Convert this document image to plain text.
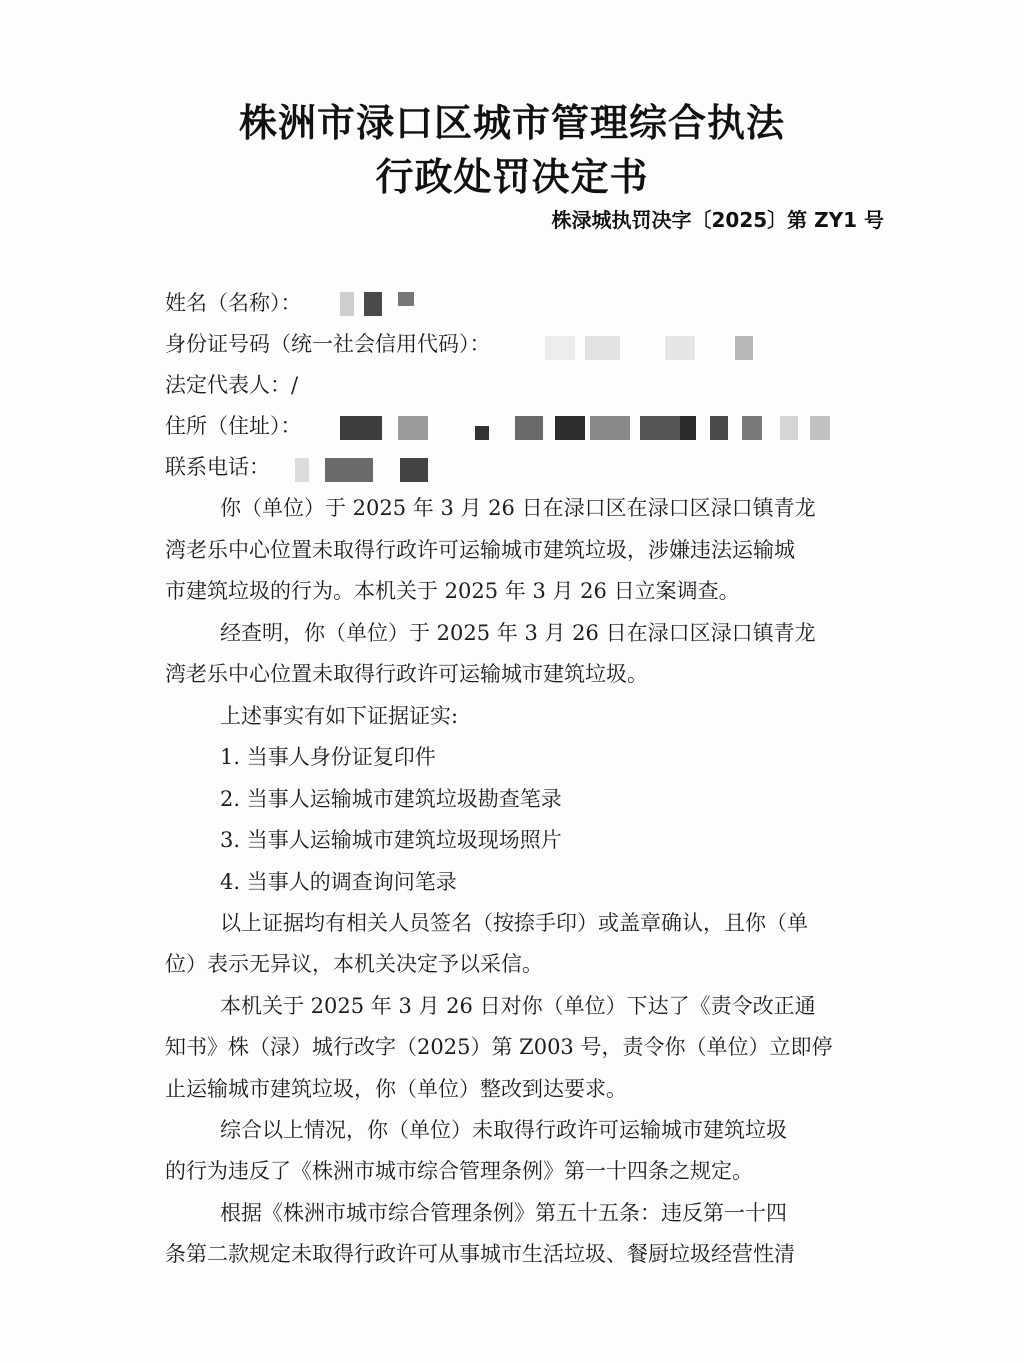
株洲市渌口区城市管理综合执法
行政处罚决定书
株渌城执罚决字〔2025〕第 ZY1 号
姓名（名称）：
身份证号码（统一社会信用代码）：
法定代表人：/
住所（住址）：
联系电话：
你（单位）于 2025 年 3 月 26 日在渌口区在渌口区渌口镇青龙
湾老乐中心位置未取得行政许可运输城市建筑垃圾，涉嫌违法运输城
市建筑垃圾的行为。本机关于 2025 年 3 月 26 日立案调查。
经查明，你（单位）于 2025 年 3 月 26 日在渌口区渌口镇青龙
湾老乐中心位置未取得行政许可运输城市建筑垃圾。
上述事实有如下证据证实:
1. 当事人身份证复印件
2. 当事人运输城市建筑垃圾勘查笔录
3. 当事人运输城市建筑垃圾现场照片
4. 当事人的调查询问笔录
以上证据均有相关人员签名（按捺手印）或盖章确认，且你（单
位）表示无异议，本机关决定予以采信。
本机关于 2025 年 3 月 26 日对你（单位）下达了《责令改正通
知书》株（渌）城行改字（2025）第 Z003 号，责令你（单位）立即停
止运输城市建筑垃圾，你（单位）整改到达要求。
综合以上情况，你（单位）未取得行政许可运输城市建筑垃圾
的行为违反了《株洲市城市综合管理条例》第一十四条之规定。
根据《株洲市城市综合管理条例》第五十五条：违反第一十四
条第二款规定未取得行政许可从事城市生活垃圾、餐厨垃圾经营性清
